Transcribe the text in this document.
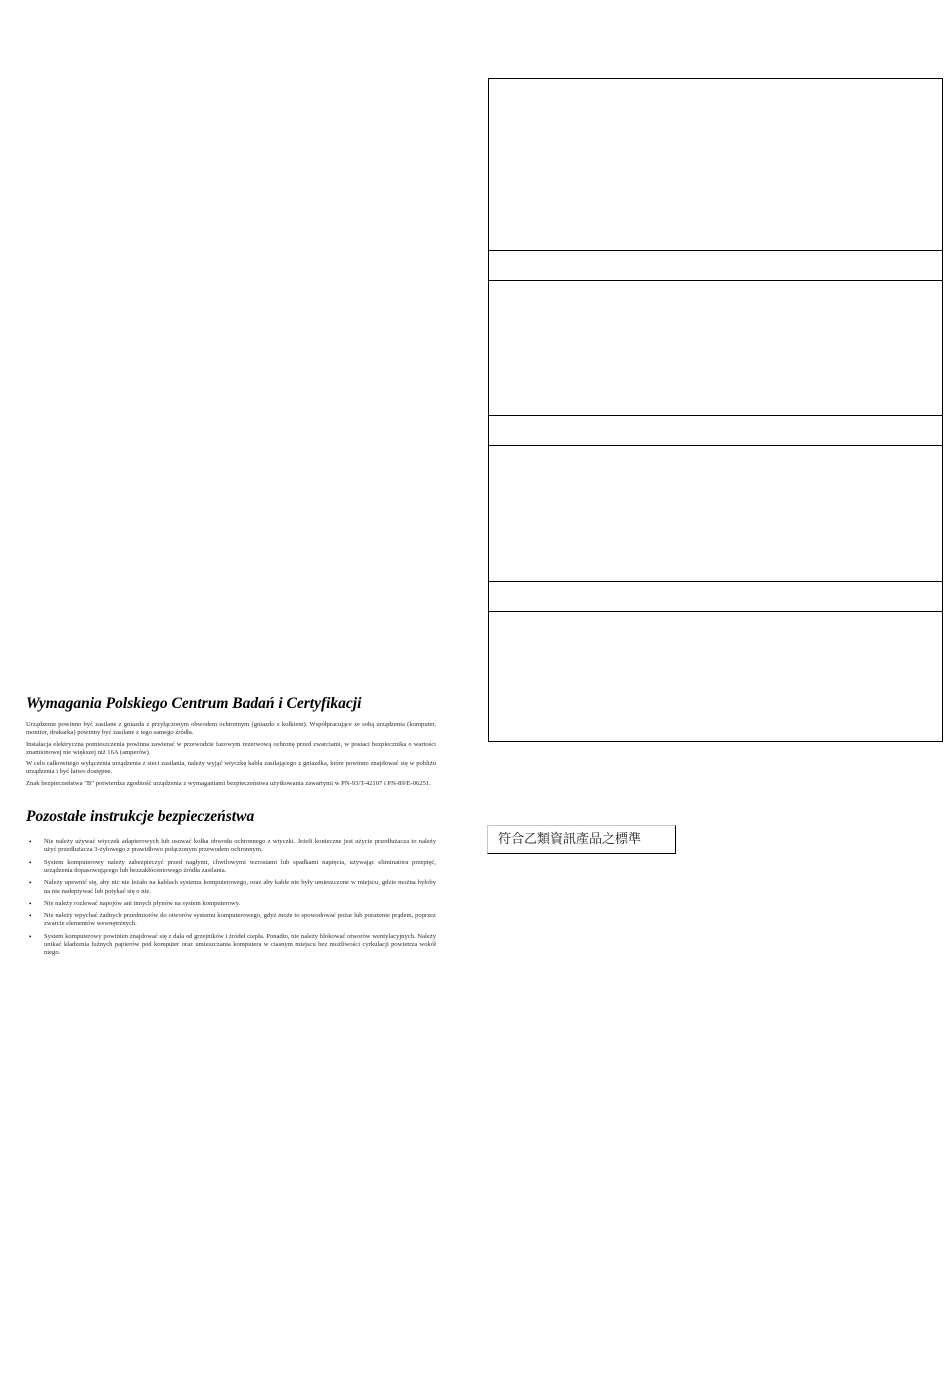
Wymagania Polskiego Centrum Badań i Certyfikacji

Urządzenie powinno być zasilane z gniazda z przyłączonym obwodem ochronnym (gniazdo z kołkiem). Współpracujące ze sobą urządzenia (komputer, monitor, drukarka) powinny być zasilane z tego samego źródła.

Instalacja elektryczna pomieszczenia powinna zawierać w przewodzie fazowym rezerwową ochronę przed zwarciami, w postaci bezpiecznika o wartości znamionowej nie większej niż 16A (amperów).

W celu całkowitego wyłączenia urządzenia z sieci zasilania, należy wyjąć wtyczkę kabla zasilającego z gniazdka, które powinno znajdować się w pobliżu urządzenia i być łatwo dostępne.

Znak bezpieczeństwa "B" potwierdza zgodność urządzenia z wymaganiami bezpieczeństwa użytkowania zawartymi w PN-93/T-42107 i PN-89/E-06251.

Pozostałe instrukcje bezpieczeństwa
• Nie należy używać wtyczek adapterowych lub usuwać kołka obwodu ochronnego z wtyczki. Jeżeli konieczne jest użycie przedłużacza to należy użyć przedłużacza 3-żyłowego z prawidłowo połączonym przewodem ochronnym.
• System komputerowy należy zabezpieczyć przed nagłymi, chwilowymi wzrostami lub spadkami napięcia, używając eliminatora przepięć, urządzenia dopasowującego lub bezzakłóceniowego źródła zasilania.
• Należy upewnić się, aby nic nie leżało na kablach systemu komputerowego, oraz aby kable nie były umieszczone w miejscu, gdzie można byłoby na nie nadeptywać lub potykać się o nie.
• Nie należy rozlewać napojów ani innych płynów na system komputerowy.
• Nie należy wpychać żadnych przedmiotów do otworów systemu komputerowego, gdyż może to spowodować pożar lub porażenie prądem, poprzez zwarcie elementów wewnętrznych.
• System komputerowy powinien znajdować się z dala od grzejników i źródeł ciepła. Ponadto, nie należy blokować otworów wentylacyjnych. Należy unikać kładzenia luźnych papierów pod komputer oraz umieszczania komputera w ciasnym miejscu bez możliwości cyrkulacji powietrza wokół niego.
符合乙類資訊產品之標準
